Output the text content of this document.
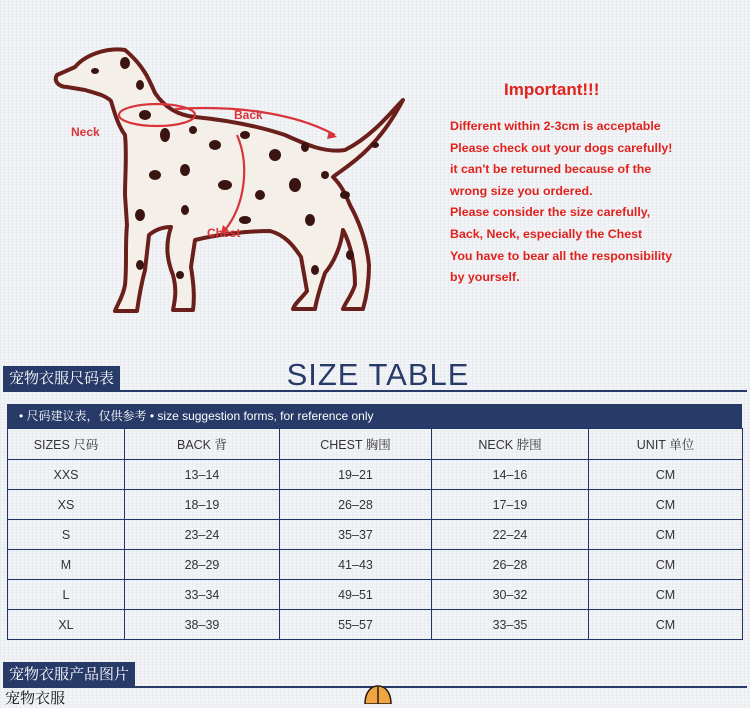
Neck
Back
Chest
Important!!!
Different within 2-3cm is acceptable
Please check out your dogs carefully!
it can't be returned because of the
wrong size you ordered.
Please consider the size carefully,
Back, Neck, especially the Chest
You have to bear all the responsibility
by yourself.
宠物衣服尺码表	SIZE TABLE
• 尺码建议表，仅供参考 • size suggestion forms, for reference only
SIZES 尺码	BACK 背	CHEST 胸围	NECK 脖围	UNIT 单位
XXS	13–14	19–21	14–16	CM
XS	18–19	26–28	17–19	CM
S	23–24	35–37	22–24	CM
M	28–29	41–43	26–28	CM
L	33–34	49–51	30–32	CM
XL	38–39	55–57	33–35	CM
宠物衣服产品图片
宠物衣服
